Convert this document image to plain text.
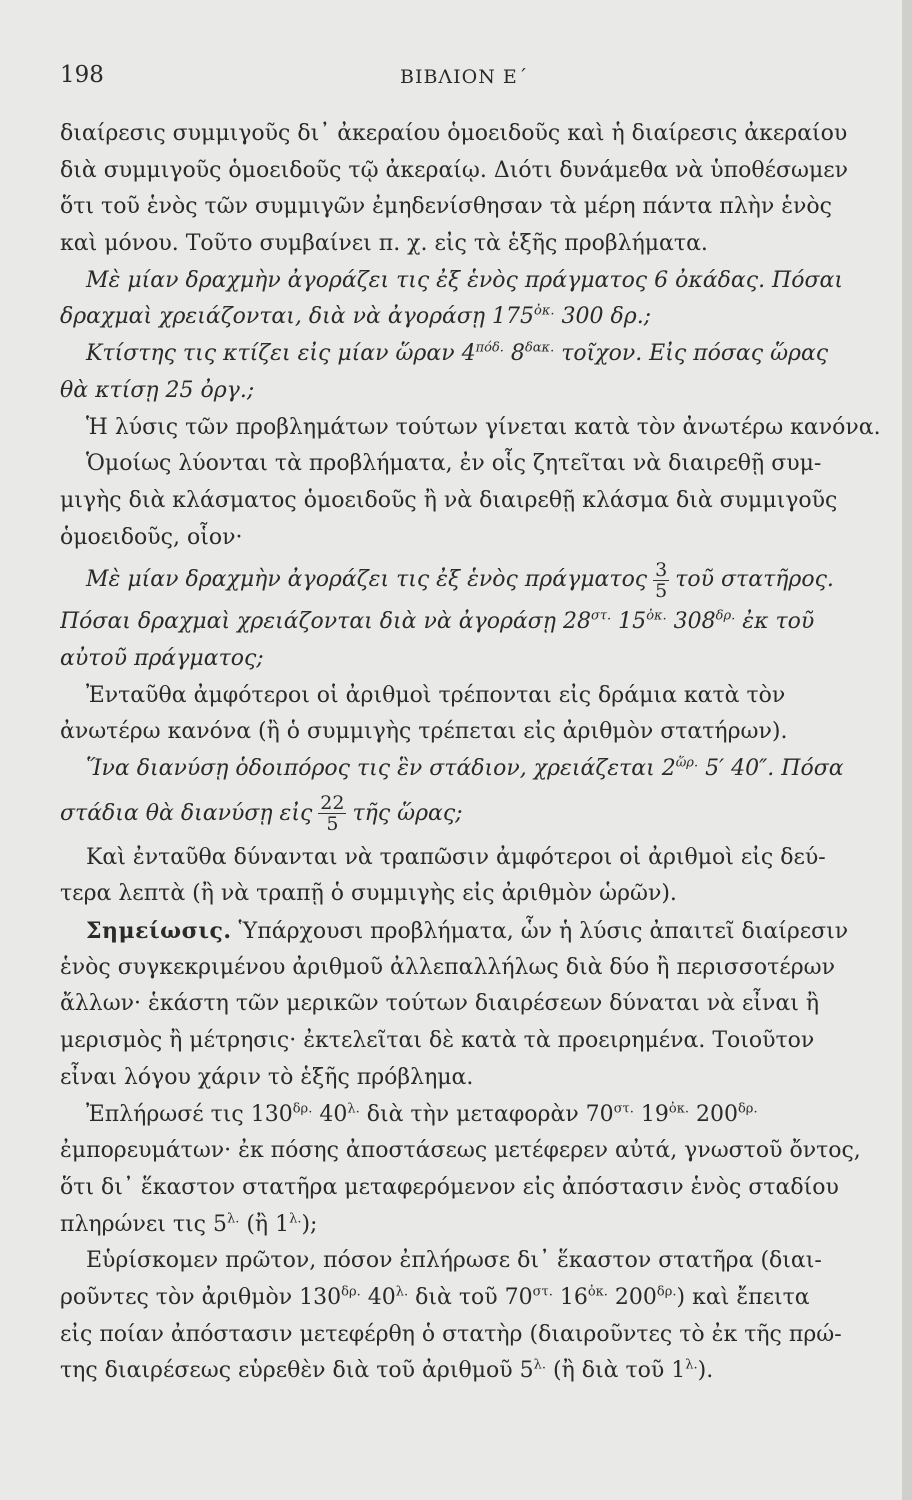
198	ΒΙΒΛΙΟΝ Ε΄
διαίρεσις συμμιγοῦς δι᾽ ἀκεραίου ὁμοειδοῦς καὶ ἡ διαίρεσις ἀκεραίου
διὰ συμμιγοῦς ὁμοειδοῦς τῷ ἀκεραίῳ. Διότι δυνάμεθα νὰ ὑποθέσωμεν
ὅτι τοῦ ἑνὸς τῶν συμμιγῶν ἐμηδενίσθησαν τὰ μέρη πάντα πλὴν ἑνὸς
καὶ μόνου. Τοῦτο συμβαίνει π. χ. εἰς τὰ ἑξῆς προβλήματα.
Μὲ μίαν δραχμὴν ἀγοράζει τις ἐξ ἑνὸς πράγματος 6 ὀκάδας. Πόσαι
δραχμαὶ χρειάζονται, διὰ νὰ ἀγοράσῃ $175^{ὀ\kappa.}$ 300 δρ.;
Κτίστης τις κτίζει εἰς μίαν ὥραν $4^{\pi ό\delta.}$ $8^{\delta\alpha\kappa.}$ τοῖχον. Εἰς πόσας ὥρας
θὰ κτίσῃ 25 ὀργ.;
Ἡ λύσις τῶν προβλημάτων τούτων γίνεται κατὰ τὸν ἀνωτέρω κανόνα.
Ὁμοίως λύονται τὰ προβλήματα, ἐν οἷς ζητεῖται νὰ διαιρεθῇ συμ-
μιγὴς διὰ κλάσματος ὁμοειδοῦς ἢ νὰ διαιρεθῇ κλάσμα διὰ συμμιγοῦς
ὁμοειδοῦς, οἷον·
Μὲ μίαν δραχμὴν ἀγοράζει τις ἐξ ἑνὸς πράγματος $\frac{3}{5}$ τοῦ στατῆρος.
Πόσαι δραχμαὶ χρειάζονται διὰ νὰ ἀγοράσῃ $28^{\sigma\tau.}$ $15^{ὀ\kappa.}$ $308^{\delta\rho.}$ ἐκ τοῦ
αὐτοῦ πράγματος;
Ἐνταῦθα ἀμφότεροι οἱ ἀριθμοὶ τρέπονται εἰς δράμια κατὰ τὸν
ἀνωτέρω κανόνα (ἢ ὁ συμμιγὴς τρέπεται εἰς ἀριθμὸν στατήρων).
Ἵνα διανύσῃ ὁδοιπόρος τις ἓν στάδιον, χρειάζεται $2^{ὥ\rho.}$ 5′ 40″. Πόσα
στάδια θὰ διανύσῃ εἰς $\frac{22}{5}$ τῆς ὥρας;
Καὶ ἐνταῦθα δύνανται νὰ τραπῶσιν ἀμφότεροι οἱ ἀριθμοὶ εἰς δεύ-
τερα λεπτὰ (ἢ νὰ τραπῇ ὁ συμμιγὴς εἰς ἀριθμὸν ὡρῶν).
Σημείωσις. Ὑπάρχουσι προβλήματα, ὧν ἡ λύσις ἀπαιτεῖ διαίρεσιν
ἑνὸς συγκεκριμένου ἀριθμοῦ ἀλλεπαλλήλως διὰ δύο ἢ περισσοτέρων
ἄλλων· ἑκάστη τῶν μερικῶν τούτων διαιρέσεων δύναται νὰ εἶναι ἢ
μερισμὸς ἢ μέτρησις· ἐκτελεῖται δὲ κατὰ τὰ προειρημένα. Τοιοῦτον
εἶναι λόγου χάριν τὸ ἑξῆς πρόβλημα.
Ἐπλήρωσέ τις $130^{\delta\rho.}$ $40^{\lambda.}$ διὰ τὴν μεταφορὰν $70^{\sigma\tau.}$ $19^{ὀ\kappa.}$ $200^{\delta\rho.}$
ἐμπορευμάτων· ἐκ πόσης ἀποστάσεως μετέφερεν αὐτά, γνωστοῦ ὄντος,
ὅτι δι᾽ ἕκαστον στατῆρα μεταφερόμενον εἰς ἀπόστασιν ἑνὸς σταδίου
πληρώνει τις $5^{\lambda.}$ (ἢ $1^{\lambda.}$);
Εὑρίσκομεν πρῶτον, πόσον ἐπλήρωσε δι᾽ ἕκαστον στατῆρα (διαι-
ροῦντες τὸν ἀριθμὸν $130^{\delta\rho.}$ $40^{\lambda.}$ διὰ τοῦ $70^{\sigma\tau.}$ $16^{ὀ\kappa.}$ $200^{\delta\rho.}$) καὶ ἔπειτα
εἰς ποίαν ἀπόστασιν μετεφέρθη ὁ στατὴρ (διαιροῦντες τὸ ἐκ τῆς πρώ-
της διαιρέσεως εὑρεθὲν διὰ τοῦ ἀριθμοῦ $5^{\lambda.}$ (ἢ διὰ τοῦ $1^{\lambda.}$).
